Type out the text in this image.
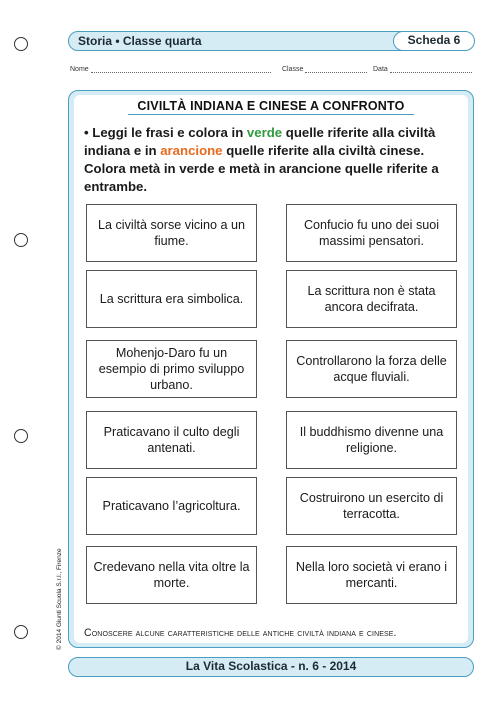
Storia • Classe quarta	Scheda 6
Nome	Classe	Data
CIVILTÀ INDIANA E CINESE A CONFRONTO
• Leggi le frasi e colora in verde quelle riferite alla civiltà indiana e in arancione quelle riferite alla civiltà cinese. Colora metà in verde e metà in arancione quelle riferite a entrambe.
La civiltà sorse vicino a un fiume.
La scrittura era simbolica.
Mohenjo-Daro fu un esempio di primo sviluppo urbano.
Praticavano il culto degli antenati.
Praticavano l’agricoltura.
Credevano nella vita oltre la morte.
Confucio fu uno dei suoi massimi pensatori.
La scrittura non è stata ancora decifrata.
Controllarono la forza delle acque fluviali.
Il buddhismo divenne una religione.
Costruirono un esercito di terracotta.
Nella loro società vi erano i mercanti.
Conoscere alcune caratteristiche delle antiche civiltà indiana e cinese.
© 2014 Giunti Scuola S.r.l., Firenze
La Vita Scolastica - n. 6 - 2014
